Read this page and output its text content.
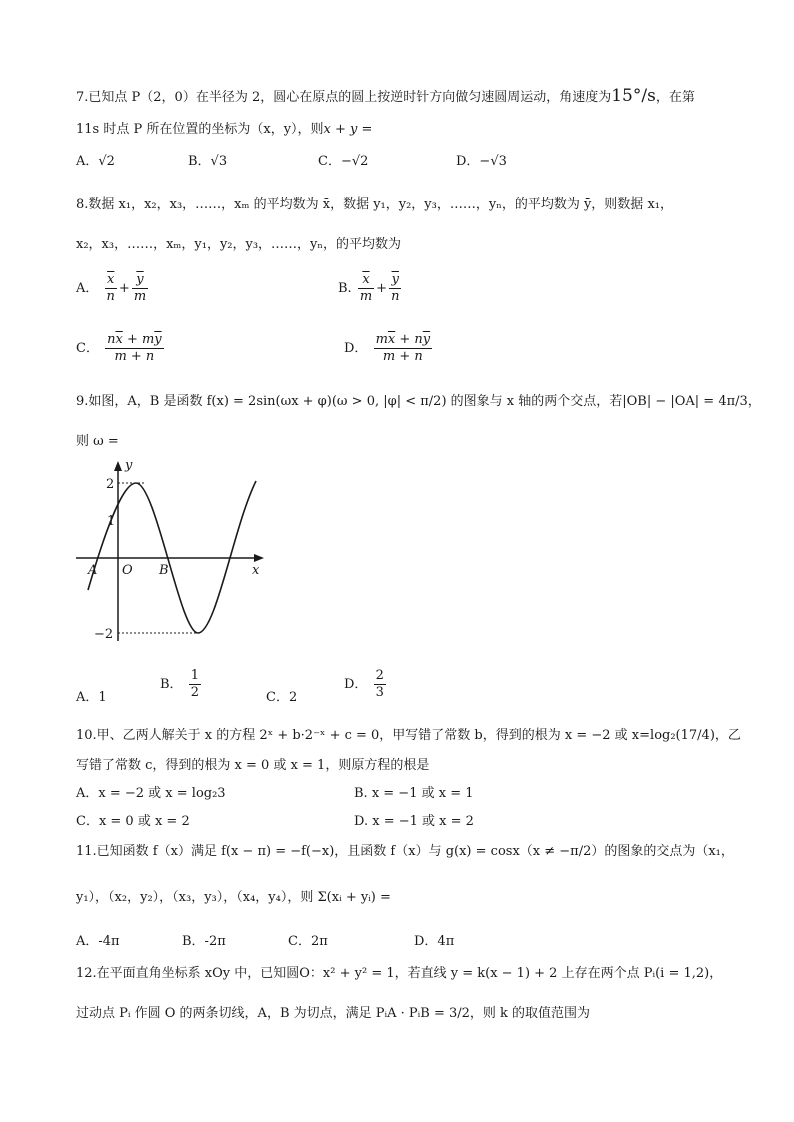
7.已知点 P（2，0）在半径为 2，圆心在原点的圆上按逆时针方向做匀速圆周运动，角速度为15°/s，在第
11s 时点 P 所在位置的坐标为（x，y），则x + y =
A．√2	B．√3	C．−√2	D．−√3
8.数据 x₁，x₂，x₃，……，xₘ 的平均数为 x̄，数据 y₁，y₂，y₃，……，yₙ，的平均数为 ȳ，则数据 x₁，
x₂，x₃，……，xₘ，y₁，y₂，y₃，……，yₙ，的平均数为
A． $\frac{\overline{x}}{n} + \frac{\overline{y}}{m}$	B. $\frac{\overline{x}}{m} + \frac{\overline{y}}{n}$
C． $\frac{n\overline{x} + m\overline{y}}{m + n}$	D． $\frac{m\overline{x} + n\overline{y}}{m + n}$
9.如图，A，B 是函数 f(x) = 2sin(ωx + φ)(ω > 0, |φ| < π/2) 的图象与 x 轴的两个交点，若|OB| − |OA| = 4π/3，
则 ω =
y
x
2
1
−2
A O B
A．1
B． $\frac{1}{2}$	C．2
D． $\frac{2}{3}$
10.甲、乙两人解关于 x 的方程 2ˣ + b·2⁻ˣ + c = 0，甲写错了常数 b，得到的根为 x = −2 或 x=log₂(17/4)，乙
写错了常数 c，得到的根为 x = 0 或 x = 1，则原方程的根是
A．x = −2 或 x = log₂3	B. x = −1 或 x = 1
C．x = 0 或 x = 2	D. x = −1 或 x = 2
11.已知函数 f（x）满足 f(x − π) = −f(−x)，且函数 f（x）与 g(x) = cosx（x ≠ −π/2）的图象的交点为（x₁，
y₁），（x₂，y₂），（x₃，y₃），（x₄，y₄），则 Σ(xᵢ + yᵢ) =
A．-4π	B．-2π	C．2π	D．4π
12.在平面直角坐标系 xOy 中，已知圆O：x² + y² = 1，若直线 y = k(x − 1) + 2 上存在两个点 Pᵢ(i = 1,2)，
过动点 Pᵢ 作圆 O 的两条切线，A，B 为切点，满足 PᵢA · PᵢB = 3/2，则 k 的取值范围为
